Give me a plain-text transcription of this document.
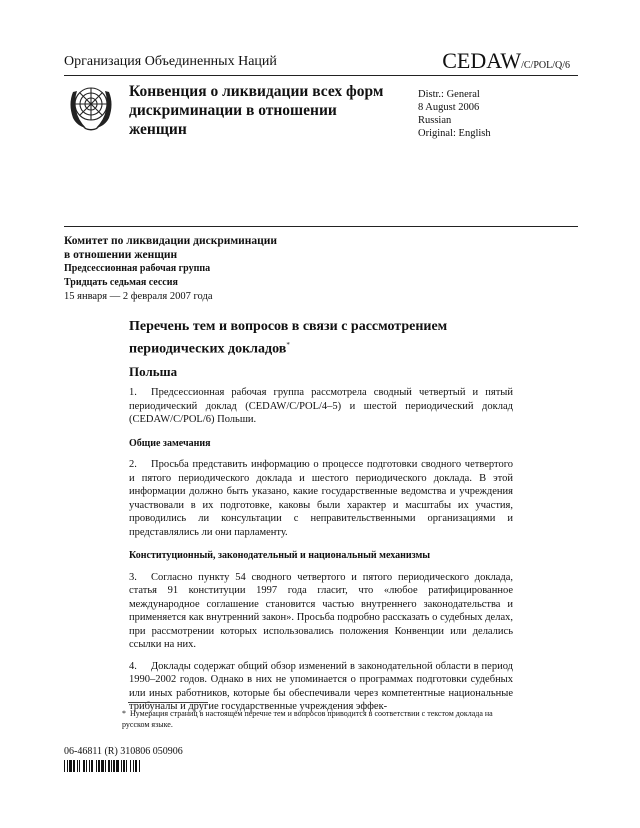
Организация Объединенных Наций	CEDAW/C/POL/Q/6
Конвенция о ликвидации всех форм дискриминации в отношении женщин
Distr.: General
8 August 2006
Russian
Original: English
Комитет по ликвидации дискриминации
в отношении женщин
Предсессионная рабочая группа
Тридцать седьмая сессия
15 января — 2 февраля 2007 года

Перечень тем и вопросов в связи с рассмотрением периодических докладов*

Польша

1. Предсессионная рабочая группа рассмотрела сводный четвертый и пятый периодический доклад (CEDAW/C/POL/4–5) и шестой периодический доклад (CEDAW/C/POL/6) Польши.

Общие замечания

2. Просьба представить информацию о процессе подготовки сводного четвертого и пятого периодического доклада и шестого периодического доклада. В этой информации должно быть указано, какие государственные ведомства и учреждения участвовали в их подготовке, каковы были характер и масштабы их участия, проводились ли консультации с неправительственными организациями и представлялись ли они парламенту.

Конституционный, законодательный и национальный механизмы

3. Согласно пункту 54 сводного четвертого и пятого периодического доклада, статья 91 конституции 1997 года гласит, что «любое ратифицированное международное соглашение становится частью внутреннего законодательства и применяется как внутренний закон». Просьба подробно рассказать о судебных делах, при рассмотрении которых использовались положения Конвенции или делались ссылки на них.

4. Доклады содержат общий обзор изменений в законодательной области в период 1990–2002 годов. Однако в них не упоминается о программах подготовки судебных или иных работников, которые бы обеспечивали через компетентные национальные трибуналы и другие государственные учреждения эффек-

* Нумерация страниц в настоящем перечне тем и вопросов приводится в соответствии с текстом доклада на русском языке.
06-46811 (R) 310806 050906
